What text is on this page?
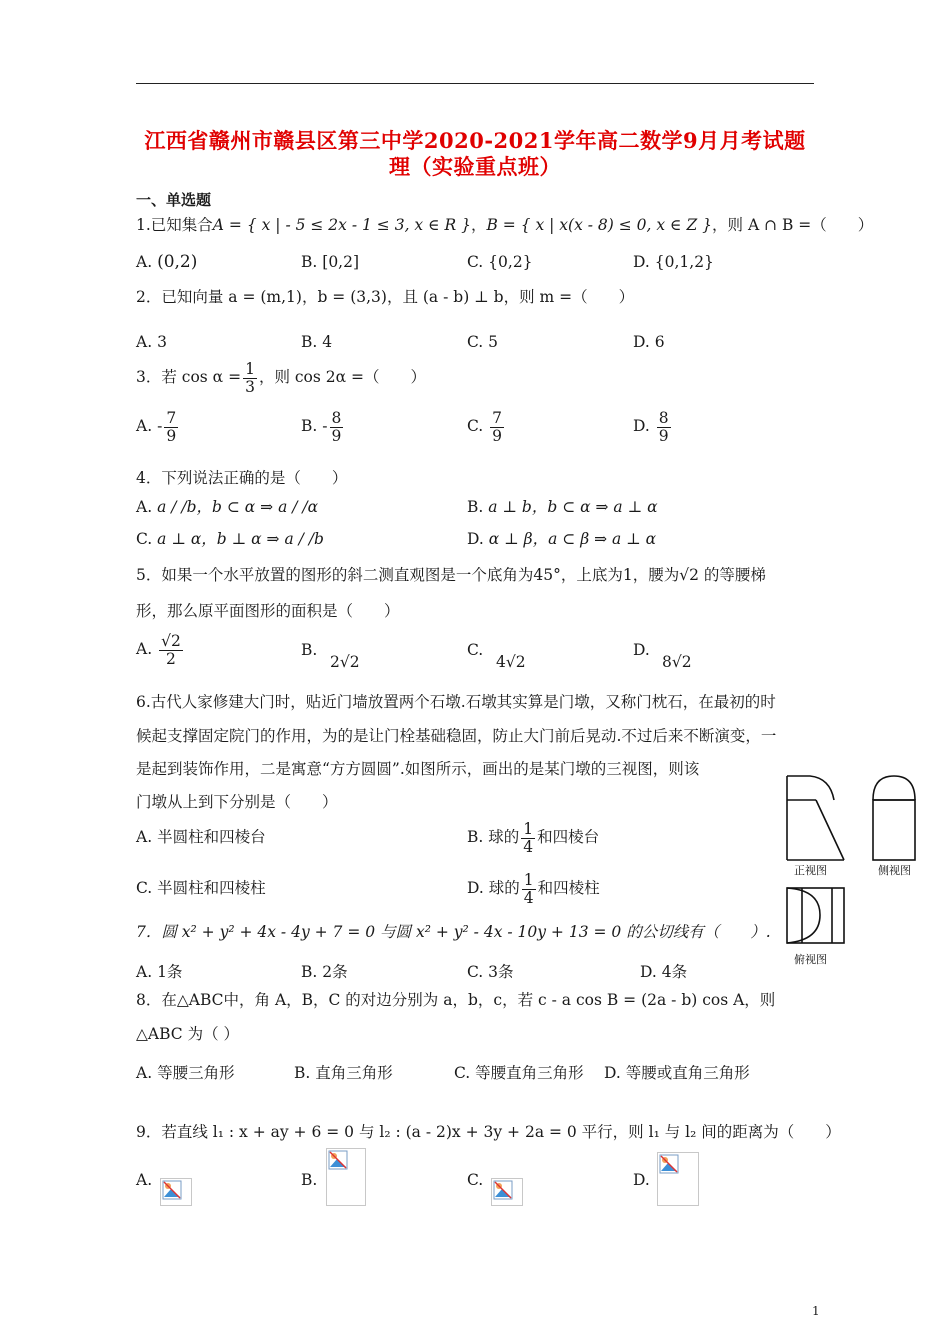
江西省赣州市赣县区第三中学2020-2021学年高二数学9月月考试题
理（实验重点班）
一、单选题
1.已知集合A = { x | - 5 ≤ 2x - 1 ≤ 3, x ∈ R }，B = { x | x(x - 8) ≤ 0, x ∈ Z }，则 A ∩ B =（　　）
A. (0,2)	B. [0,2]	C. {0,2}	D. {0,1,2}
2．已知向量 a = (m,1)，b = (3,3)，且 (a - b) ⊥ b，则 m =（　　）
A. 3	B. 4	C. 5	D. 6
3．若 $\cos \alpha = \frac{1}{3}$ ，则 cos 2α =（　　）
A. - $\frac{7}{9}$	B. - $\frac{8}{9}$	C. $\frac{7}{9}$	D. $\frac{8}{9}$
4．下列说法正确的是（　　）
A. a / /b，b ⊂ α ⇒ a / /α	B. a ⊥ b，b ⊂ α ⇒ a ⊥ α
C. a ⊥ α，b ⊥ α ⇒ a / /b	D. α ⊥ β，a ⊂ β ⇒ a ⊥ α
5．如果一个水平放置的图形的斜二测直观图是一个底角为45°，上底为1，腰为√2 的等腰梯
形，那么原平面图形的面积是（　　）
A. $\frac{√2}{2}$	B.
2√2
C.
4√2
D.
8√2
6.古代人家修建大门时，贴近门墙放置两个石墩.石墩其实算是门墩，又称门枕石，在最初的时
候起支撑固定院门的作用，为的是让门栓基础稳固，防止大门前后晃动.不过后来不断演变，一
是起到装饰作用，二是寓意“方方圆圆”.如图所示，画出的是某门墩的三视图，则该
门墩从上到下分别是（　　）
A. 半圆柱和四棱台	B. 球的 $\frac{1}{4}$ 和四棱台
C. 半圆柱和四棱柱	D. 球的 $\frac{1}{4}$ 和四棱柱
正视图	侧视图
俯视图
7．圆 x² + y² + 4x - 4y + 7 = 0 与圆 x² + y² - 4x - 10y + 13 = 0 的公切线有（　　）.
A. 1条	B. 2条	C. 3条	D. 4条
8．在△ABC中，角 A，B，C 的对边分别为 a，b，c，若 c - a cos B = (2a - b) cos A，则
△ABC 为（ ）
A. 等腰三角形	B. 直角三角形	C. 等腰直角三角形 D. 等腰或直角三角形
9．若直线 l₁ : x + ay + 6 = 0 与 l₂ : (a - 2)x + 3y + 2a = 0 平行，则 l₁ 与 l₂ 间的距离为（　　）
A.	B.	C.	D.
1
